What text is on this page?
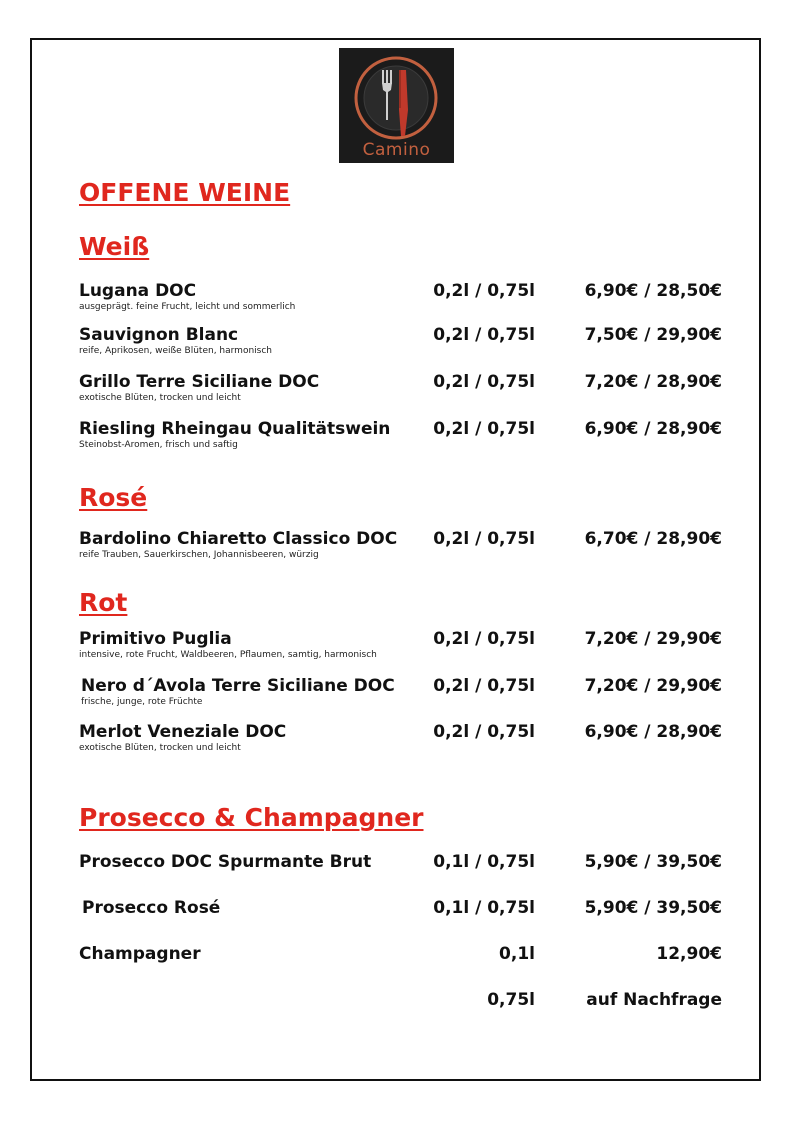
Camino
OFFENE WEINE
Weiß
Lugana DOC
ausgeprägt. feine Frucht, leicht und sommerlich
0,2l / 0,75l	6,90€ / 28,50€
Sauvignon Blanc
reife, Aprikosen, weiße Blüten, harmonisch
0,2l / 0,75l	7,50€ / 29,90€
Grillo Terre Siciliane DOC
exotische Blüten, trocken und leicht
0,2l / 0,75l	7,20€ / 28,90€
Riesling Rheingau Qualitätswein
Steinobst-Aromen, frisch und saftig
0,2l / 0,75l	6,90€ / 28,90€
Rosé
Bardolino Chiaretto Classico DOC
reife Trauben, Sauerkirschen, Johannisbeeren, würzig
0,2l / 0,75l	6,70€ / 28,90€
Rot
Primitivo Puglia
intensive, rote Frucht, Waldbeeren, Pflaumen, samtig, harmonisch
0,2l / 0,75l	7,20€ / 29,90€
Nero d´Avola Terre Siciliane DOC
frische, junge, rote Früchte
0,2l / 0,75l	7,20€ / 29,90€
Merlot Veneziale DOC
exotische Blüten, trocken und leicht
0,2l / 0,75l	6,90€ / 28,90€
Prosecco & Champagner
Prosecco DOC Spurmante Brut	0,1l / 0,75l	5,90€ / 39,50€
Prosecco Rosé	0,1l / 0,75l	5,90€ / 39,50€
Champagner	0,1l	12,90€
0,75l	auf Nachfrage
